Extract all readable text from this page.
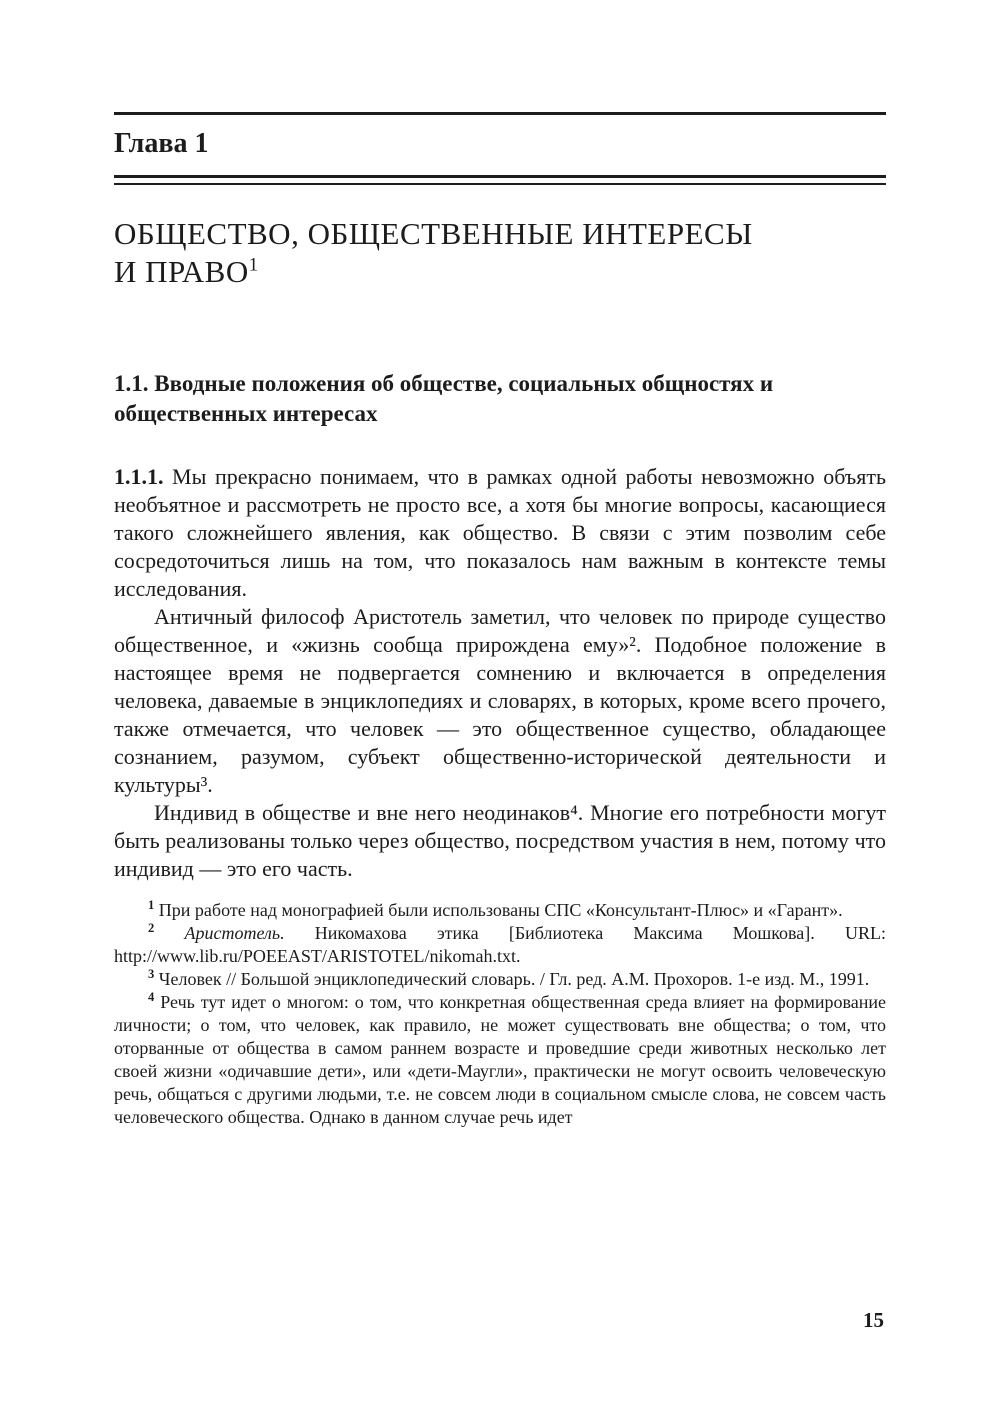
Глава 1
ОБЩЕСТВО, ОБЩЕСТВЕННЫЕ ИНТЕРЕСЫ
И ПРАВО$^1$
1.1. Вводные положения об обществе, социальных общностях и общественных интересах

1.1.1. Мы прекрасно понимаем, что в рамках одной работы невозможно объять необъятное и рассмотреть не просто все, а хотя бы многие вопросы, касающиеся такого сложнейшего явления, как общество. В связи с этим позволим себе сосредоточиться лишь на том, что показалось нам важным в контексте темы исследования.

Античный философ Аристотель заметил, что человек по природе существо общественное, и «жизнь сообща прирождена ему»². Подобное положение в настоящее время не подвергается сомнению и включается в определения человека, даваемые в энциклопедиях и словарях, в которых, кроме всего прочего, также отмечается, что человек — это общественное существо, обладающее сознанием, разумом, субъект общественно-исторической деятельности и культуры³.

Индивид в обществе и вне него неодинаков⁴. Многие его потребности могут быть реализованы только через общество, посредством участия в нем, потому что индивид — это его часть.

$^1$ При работе над монографией были использованы СПС «Консультант-Плюс» и «Гарант».

$^2$ Аристотель. Никомахова этика [Библиотека Максима Мошкова]. URL: http://www.lib.ru/POEEAST/ARISTOTEL/nikomah.txt.

$^3$ Человек // Большой энциклопедический словарь. / Гл. ред. А.М. Прохоров. 1-е изд. М., 1991.

$^4$ Речь тут идет о многом: о том, что конкретная общественная среда влияет на формирование личности; о том, что человек, как правило, не может существовать вне общества; о том, что оторванные от общества в самом раннем возрасте и проведшие среди животных несколько лет своей жизни «одичавшие дети», или «дети-Маугли», практически не могут освоить человеческую речь, общаться с другими людьми, т.е. не совсем люди в социальном смысле слова, не совсем часть человеческого общества. Однако в данном случае речь идет

15
